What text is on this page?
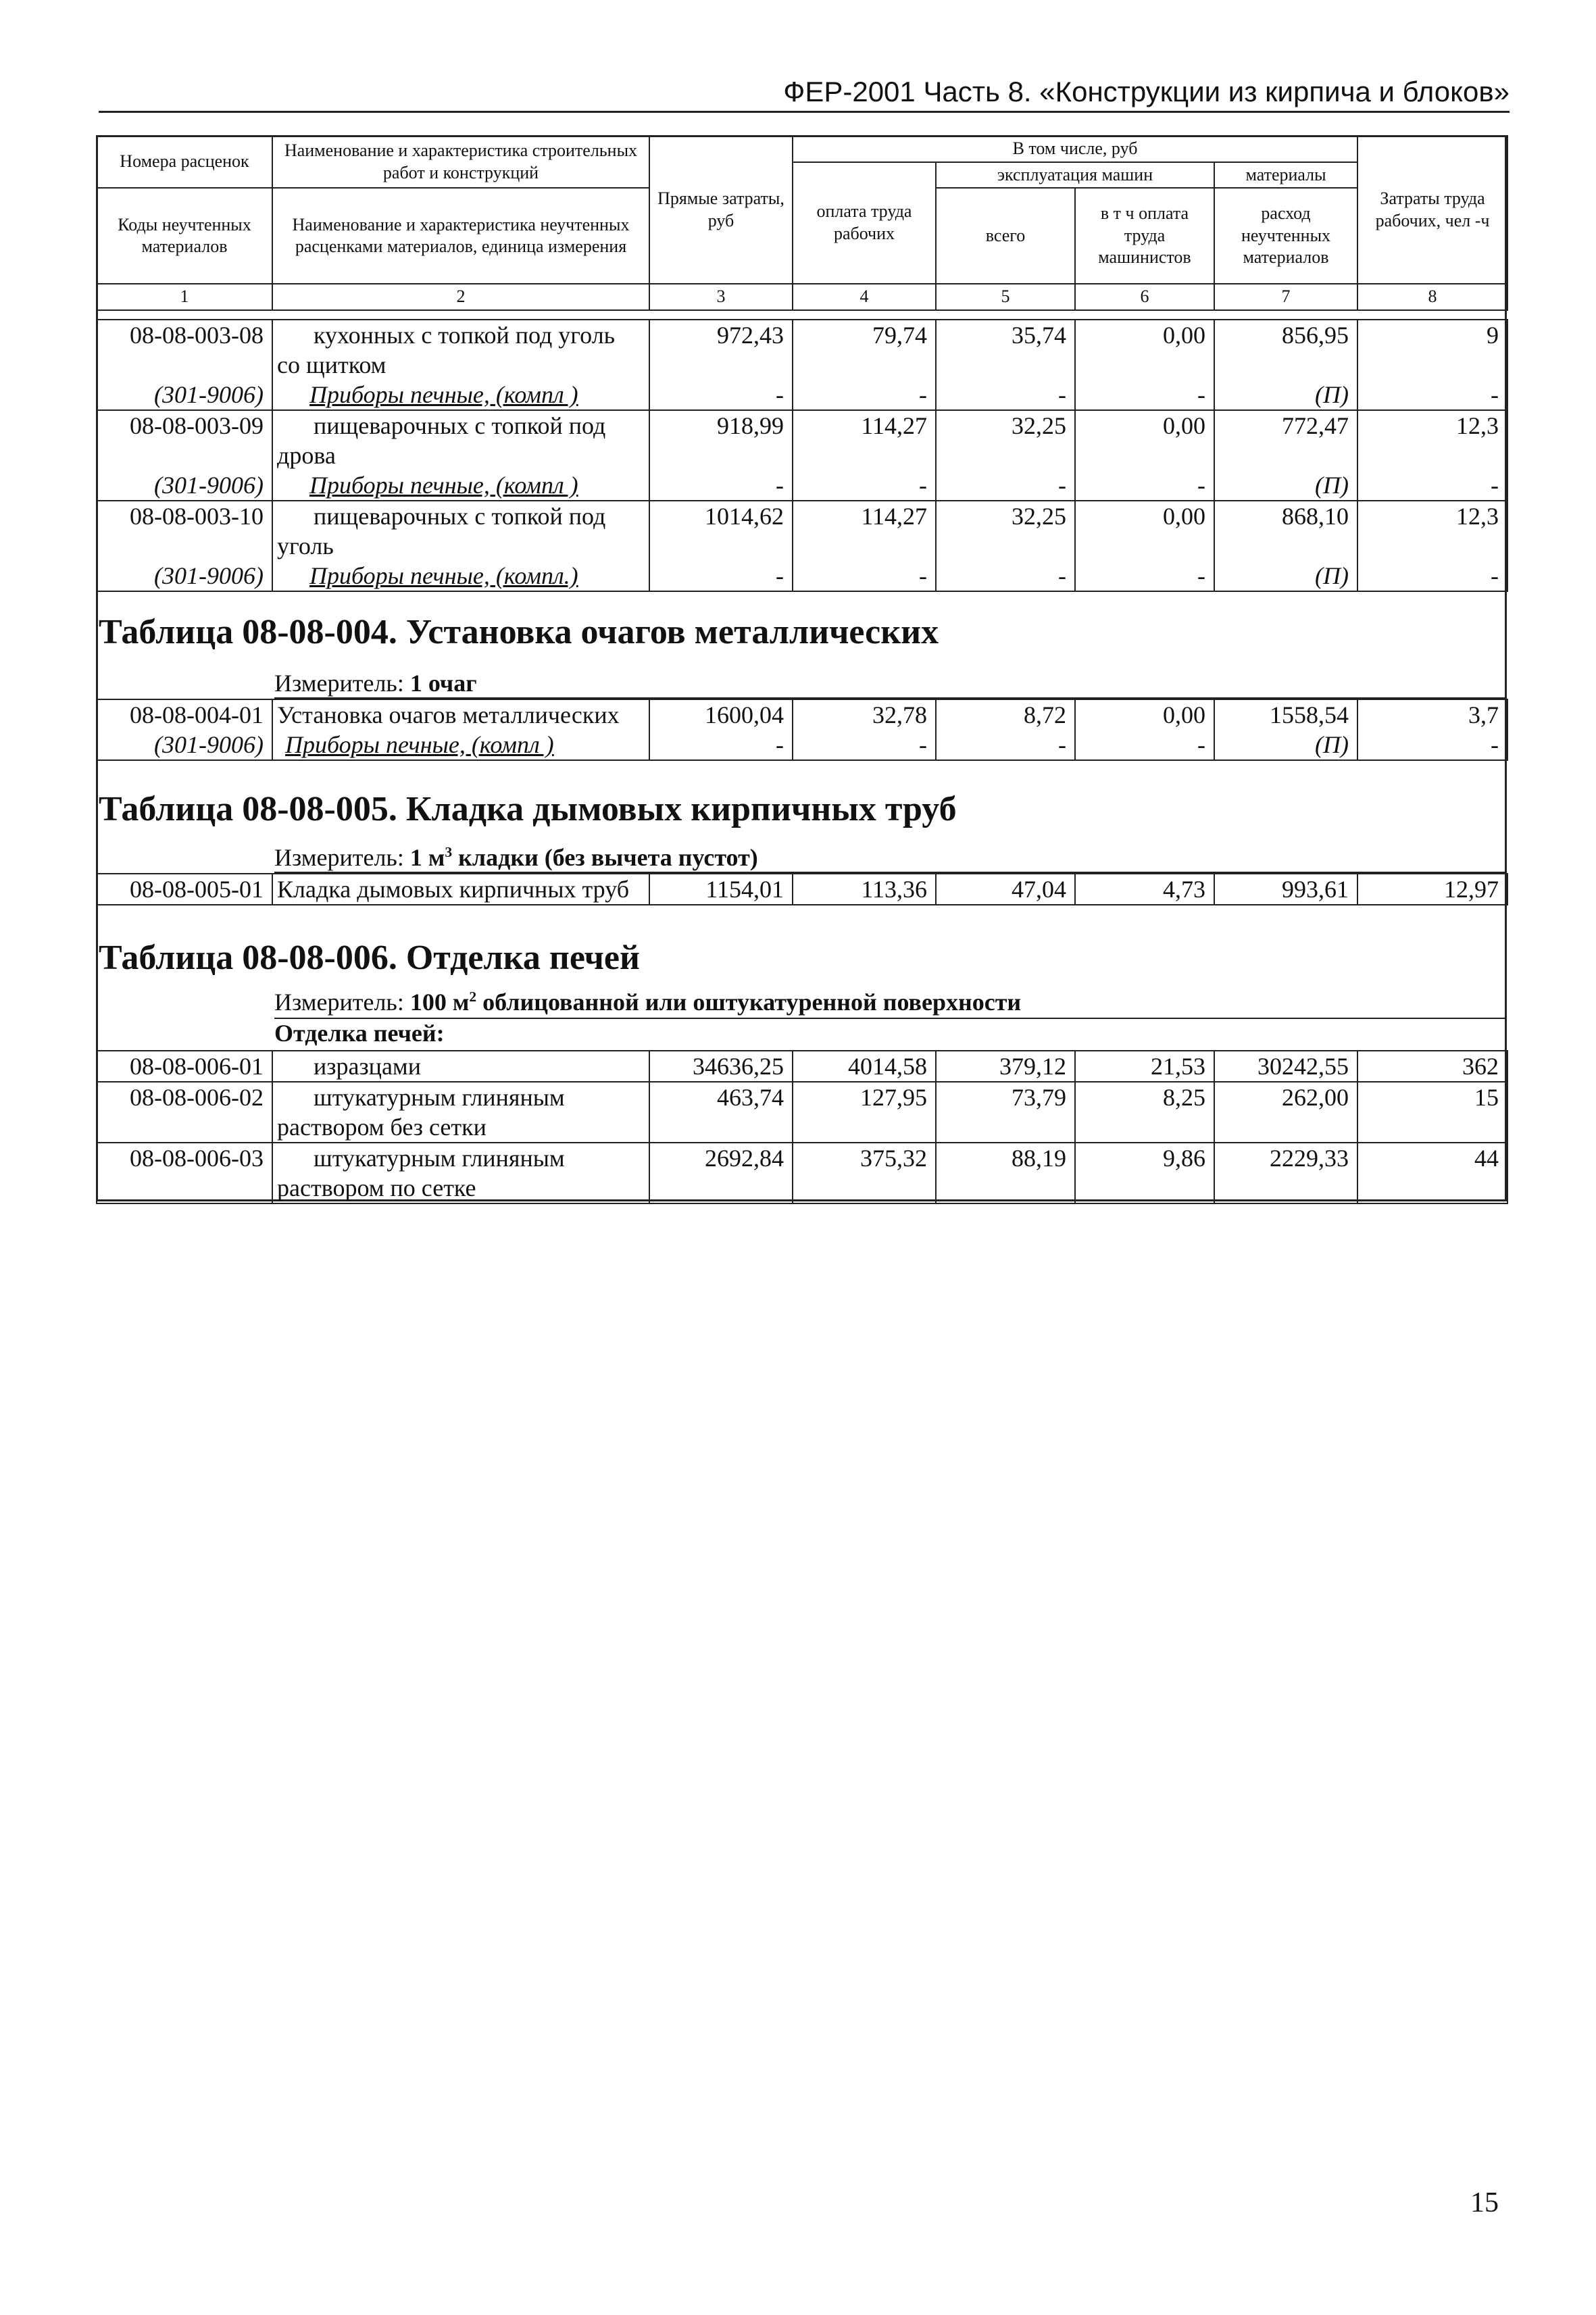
ФЕР-2001 Часть 8. «Конструкции из кирпича и блоков»
Номера расценок	Наименование и характеристика строительных работ и конструкций	Прямые затраты, руб	В том числе, руб				Затраты труда рабочих, чел -ч
			оплата труда рабочих	эксплуатация машин		материалы	
Коды неучтенных материалов	Наименование и характеристика неучтенных расценками материалов, единица измерения			всего	в т ч оплата труда машинистов	расход неучтенных материалов	

1	2	3	4	5	6	7	8
08-08-003-08	кухонных с топкой под уголь со щитком	972,43	79,74	35,74	0,00	856,95	9
(301-9006)	Приборы печные, (компл )	-	-	-	-	(П)	-
08-08-003-09	пищеварочных с топкой под дрова	918,99	114,27	32,25	0,00	772,47	12,3
(301-9006)	Приборы печные, (компл )	-	-	-	-	(П)	-
08-08-003-10	пищеварочных с топкой под уголь	1014,62	114,27	32,25	0,00	868,10	12,3
(301-9006)	Приборы печные, (компл.)	-	-	-	-	(П)	-
Таблица 08-08-004. Установка очагов металлических
Измеритель: 1 очаг
08-08-004-01	Установка очагов металлических	1600,04	32,78	8,72	0,00	1558,54	3,7
(301-9006)	Приборы печные, (компл )	-	-	-	-	(П)	-
Таблица 08-08-005. Кладка дымовых кирпичных труб
Измеритель: 1 $м^3$ кладки (без вычета пустот)
08-08-005-01	Кладка дымовых кирпичных труб	1154,01	113,36	47,04	4,73	993,61	12,97
Таблица 08-08-006. Отделка печей
Измеритель: 100 $м^2$ облицованной или оштукатуренной поверхности
Отделка печей:
08-08-006-01	изразцами	34636,25	4014,58	379,12	21,53	30242,55	362
08-08-006-02	штукатурным глиняным раствором без сетки	463,74	127,95	73,79	8,25	262,00	15
08-08-006-03	штукатурным глиняным раствором по сетке	2692,84	375,32	88,19	9,86	2229,33	44
15
